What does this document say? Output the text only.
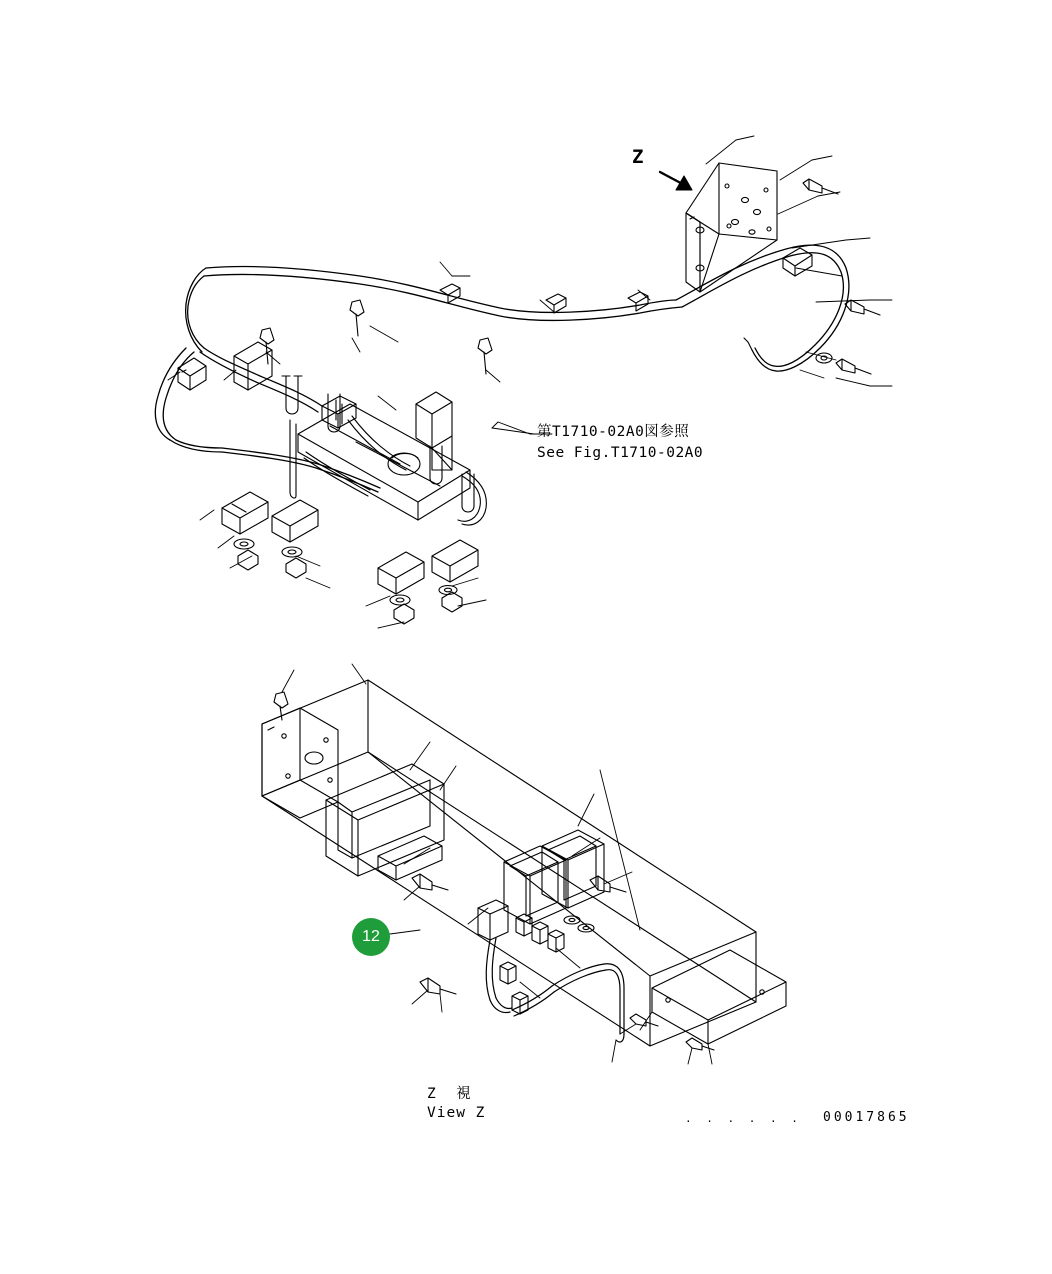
Z
第T1710-02A0図参照
See Fig.T1710-02A0
Z  視
View Z	. . . . . . 00017865
12
